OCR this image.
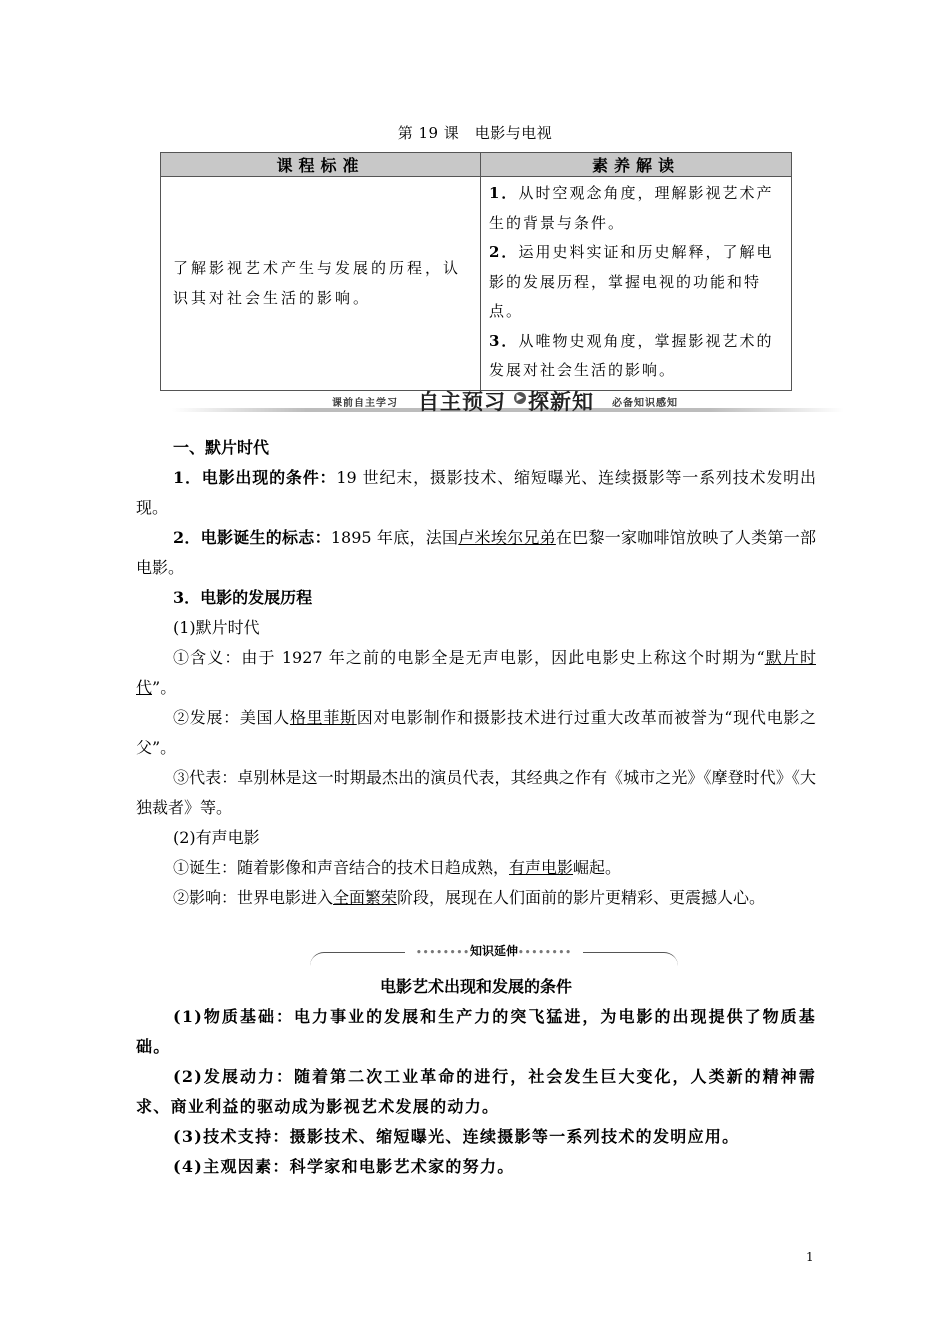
第 19 课　电影与电视
课程标准	素养解读
了解影视艺术产生与发展的历程，认识其对社会生活的影响。	1．从时空观念角度，理解影视艺术产生的背景与条件。

2．运用史料实证和历史解释，了解电影的发展历程，掌握电视的功能和特点。

3．从唯物史观角度，掌握影视艺术的发展对社会生活的影响。

课前自主学习 自主预习 ▶ 探新知 必备知识感知

一、默片时代

1．电影出现的条件：19 世纪末，摄影技术、缩短曝光、连续摄影等一系列技术发明出现。

2．电影诞生的标志：1895 年底，法国卢米埃尔兄弟在巴黎一家咖啡馆放映了人类第一部电影。

3．电影的发展历程

(1)默片时代

①含义：由于 1927 年之前的电影全是无声电影，因此电影史上称这个时期为“默片时代”。

②发展：美国人格里菲斯因对电影制作和摄影技术进行过重大改革而被誉为“现代电影之父”。

③代表：卓别林是这一时期最杰出的演员代表，其经典之作有《城市之光》《摩登时代》《大独裁者》等。

(2)有声电影

①诞生：随着影像和声音结合的技术日趋成熟，有声电影崛起。

②影响：世界电影进入全面繁荣阶段，展现在人们面前的影片更精彩、更震撼人心。

••••••••知识延伸••••••••

电影艺术出现和发展的条件

(1)物质基础：电力事业的发展和生产力的突飞猛进，为电影的出现提供了物质基础。

(2)发展动力：随着第二次工业革命的进行，社会发生巨大变化，人类新的精神需求、商业利益的驱动成为影视艺术发展的动力。

(3)技术支持：摄影技术、缩短曝光、连续摄影等一系列技术的发明应用。

(4)主观因素：科学家和电影艺术家的努力。

1
